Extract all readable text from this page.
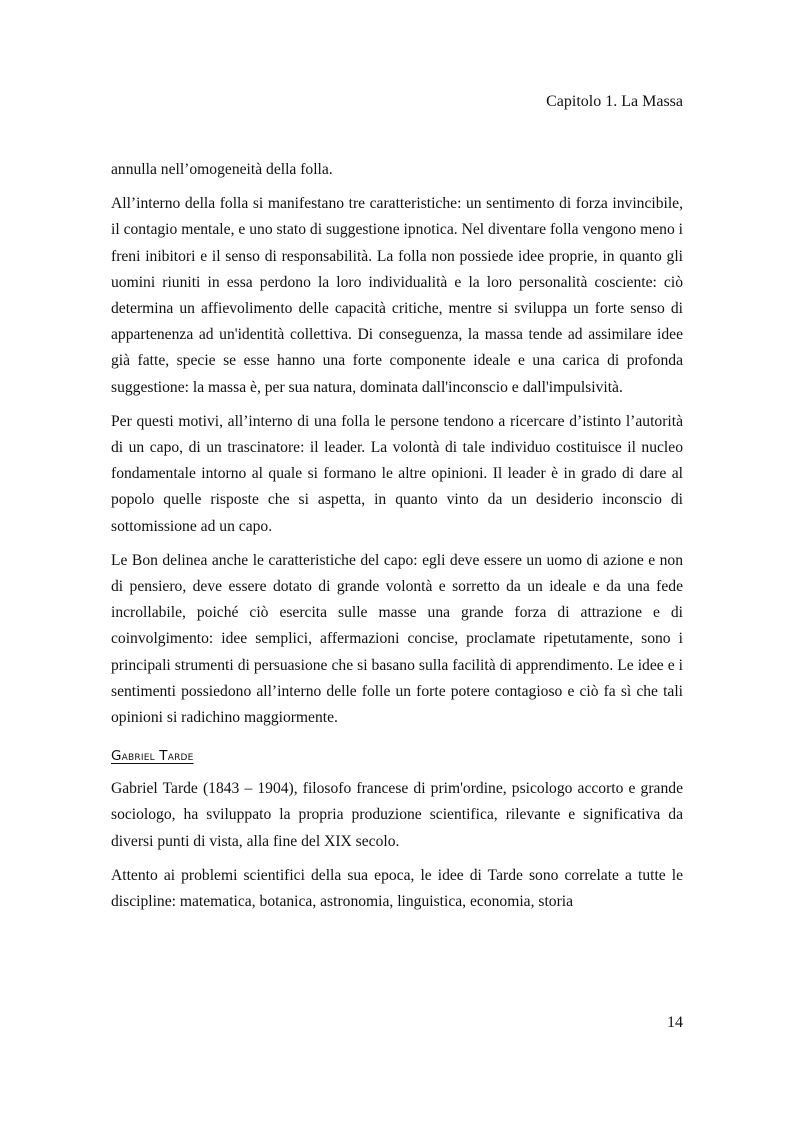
Capitolo 1. La Massa

annulla nell’omogeneità della folla.

All’interno della folla si manifestano tre caratteristiche: un sentimento di forza invincibile, il contagio mentale, e uno stato di suggestione ipnotica. Nel diventare folla vengono meno i freni inibitori e il senso di responsabilità. La folla non possiede idee proprie, in quanto gli uomini riuniti in essa perdono la loro individualità e la loro personalità cosciente: ciò determina un affievolimento delle capacità critiche, mentre si sviluppa un forte senso di appartenenza ad un'identità collettiva. Di conseguenza, la massa tende ad assimilare idee già fatte, specie se esse hanno una forte componente ideale e una carica di profonda suggestione: la massa è, per sua natura, dominata dall'inconscio e dall'impulsività.

Per questi motivi, all’interno di una folla le persone tendono a ricercare d’istinto l’autorità di un capo, di un trascinatore: il leader. La volontà di tale individuo costituisce il nucleo fondamentale intorno al quale si formano le altre opinioni. Il leader è in grado di dare al popolo quelle risposte che si aspetta, in quanto vinto da un desiderio inconscio di sottomissione ad un capo.

Le Bon delinea anche le caratteristiche del capo: egli deve essere un uomo di azione e non di pensiero, deve essere dotato di grande volontà e sorretto da un ideale e da una fede incrollabile, poiché ciò esercita sulle masse una grande forza di attrazione e di coinvolgimento: idee semplici, affermazioni concise, proclamate ripetutamente, sono i principali strumenti di persuasione che si basano sulla facilità di apprendimento. Le idee e i sentimenti possiedono all’interno delle folle un forte potere contagioso e ciò fa sì che tali opinioni si radichino maggiormente.

Gabriel Tarde

Gabriel Tarde (1843 – 1904), filosofo francese di prim'ordine, psicologo accorto e grande sociologo, ha sviluppato la propria produzione scientifica, rilevante e significativa da diversi punti di vista, alla fine del XIX secolo.

Attento ai problemi scientifici della sua epoca, le idee di Tarde sono correlate a tutte le discipline: matematica, botanica, astronomia, linguistica, economia, storia

14
